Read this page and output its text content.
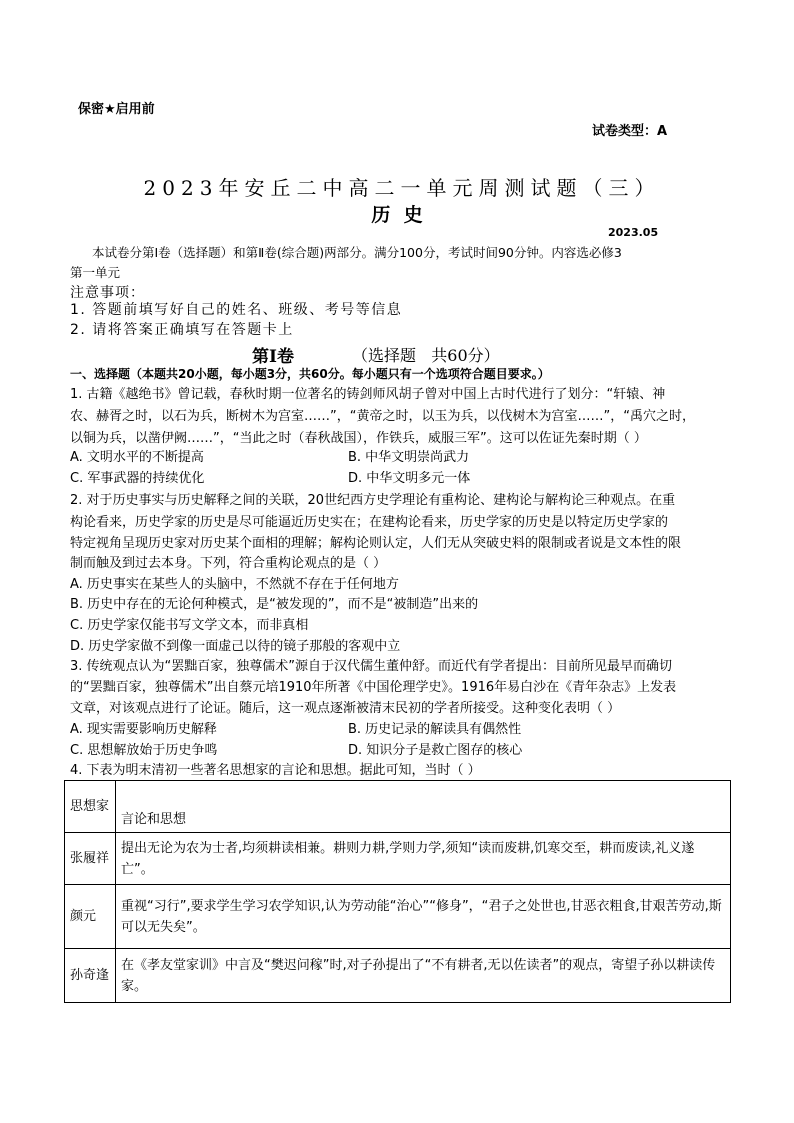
保密★启用前
试卷类型：A
2023年安丘二中高二一单元周测试题（三）
历  史
2023.05
本试卷分第Ⅰ卷（选择题）和第Ⅱ卷(综合题)两部分。满分100分，考试时间90分钟。内容选必修3
第一单元
注意事项：
1. 答题前填写好自己的姓名、班级、考号等信息
2. 请将答案正确填写在答题卡上
第Ⅰ卷	（选择题   共60分）
一、选择题（本题共20小题，每小题3分，共60分。每小题只有一个选项符合题目要求。）
1. 古籍《越绝书》曾记载，春秋时期一位著名的铸剑师风胡子曾对中国上古时代进行了划分：“轩辕、神
农、赫胥之时，以石为兵，断树木为宫室……”，“黄帝之时，以玉为兵，以伐树木为宫室……”，“禹穴之时，
以铜为兵，以凿伊阙……”，“当此之时（春秋战国），作铁兵，威服三军”。这可以佐证先秦时期（ ）
A. 文明水平的不断提高	B. 中华文明崇尚武力
C. 军事武器的持续优化	D. 中华文明多元一体
2. 对于历史事实与历史解释之间的关联，20世纪西方史学理论有重构论、建构论与解构论三种观点。在重
构论看来，历史学家的历史是尽可能逼近历史实在；在建构论看来，历史学家的历史是以特定历史学家的
特定视角呈现历史家对历史某个面相的理解；解构论则认定，人们无从突破史料的限制或者说是文本性的限
制而触及到过去本身。下列，符合重构论观点的是（ ）
A. 历史事实在某些人的头脑中，不然就不存在于任何地方
B. 历史中存在的无论何种模式，是“被发现的”，而不是“被制造”出来的
C. 历史学家仅能书写文学文本，而非真相
D. 历史学家做不到像一面虚己以待的镜子那般的客观中立
3. 传统观点认为“罢黜百家，独尊儒术”源自于汉代儒生董仲舒。而近代有学者提出：目前所见最早而确切
的“罢黜百家，独尊儒术”出自蔡元培1910年所著《中国伦理学史》。1916年易白沙在《青年杂志》上发表
文章，对该观点进行了论证。随后，这一观点逐渐被清末民初的学者所接受。这种变化表明（ ）
A. 现实需要影响历史解释	B. 历史记录的解读具有偶然性
C. 思想解放始于历史争鸣	D. 知识分子是救亡图存的核心
4. 下表为明末清初一些著名思想家的言论和思想。据此可知，当时（ ）
思想家	言论和思想
张履祥	提出无论为农为士者,均须耕读相兼。耕则力耕,学则力学,须知“读而废耕,饥寒交至，耕而废读,礼义遂亡”。
颜元	重视“习行”,要求学生学习农学知识,认为劳动能“治心”“修身”，“君子之处世也,甘恶衣粗食,甘艰苦劳动,斯可以无失矣”。
孙奇逢	在《孝友堂家训》中言及“樊迟问稼”时,对子孙提出了“不有耕者,无以佐读者”的观点，寄望子孙以耕读传家。
